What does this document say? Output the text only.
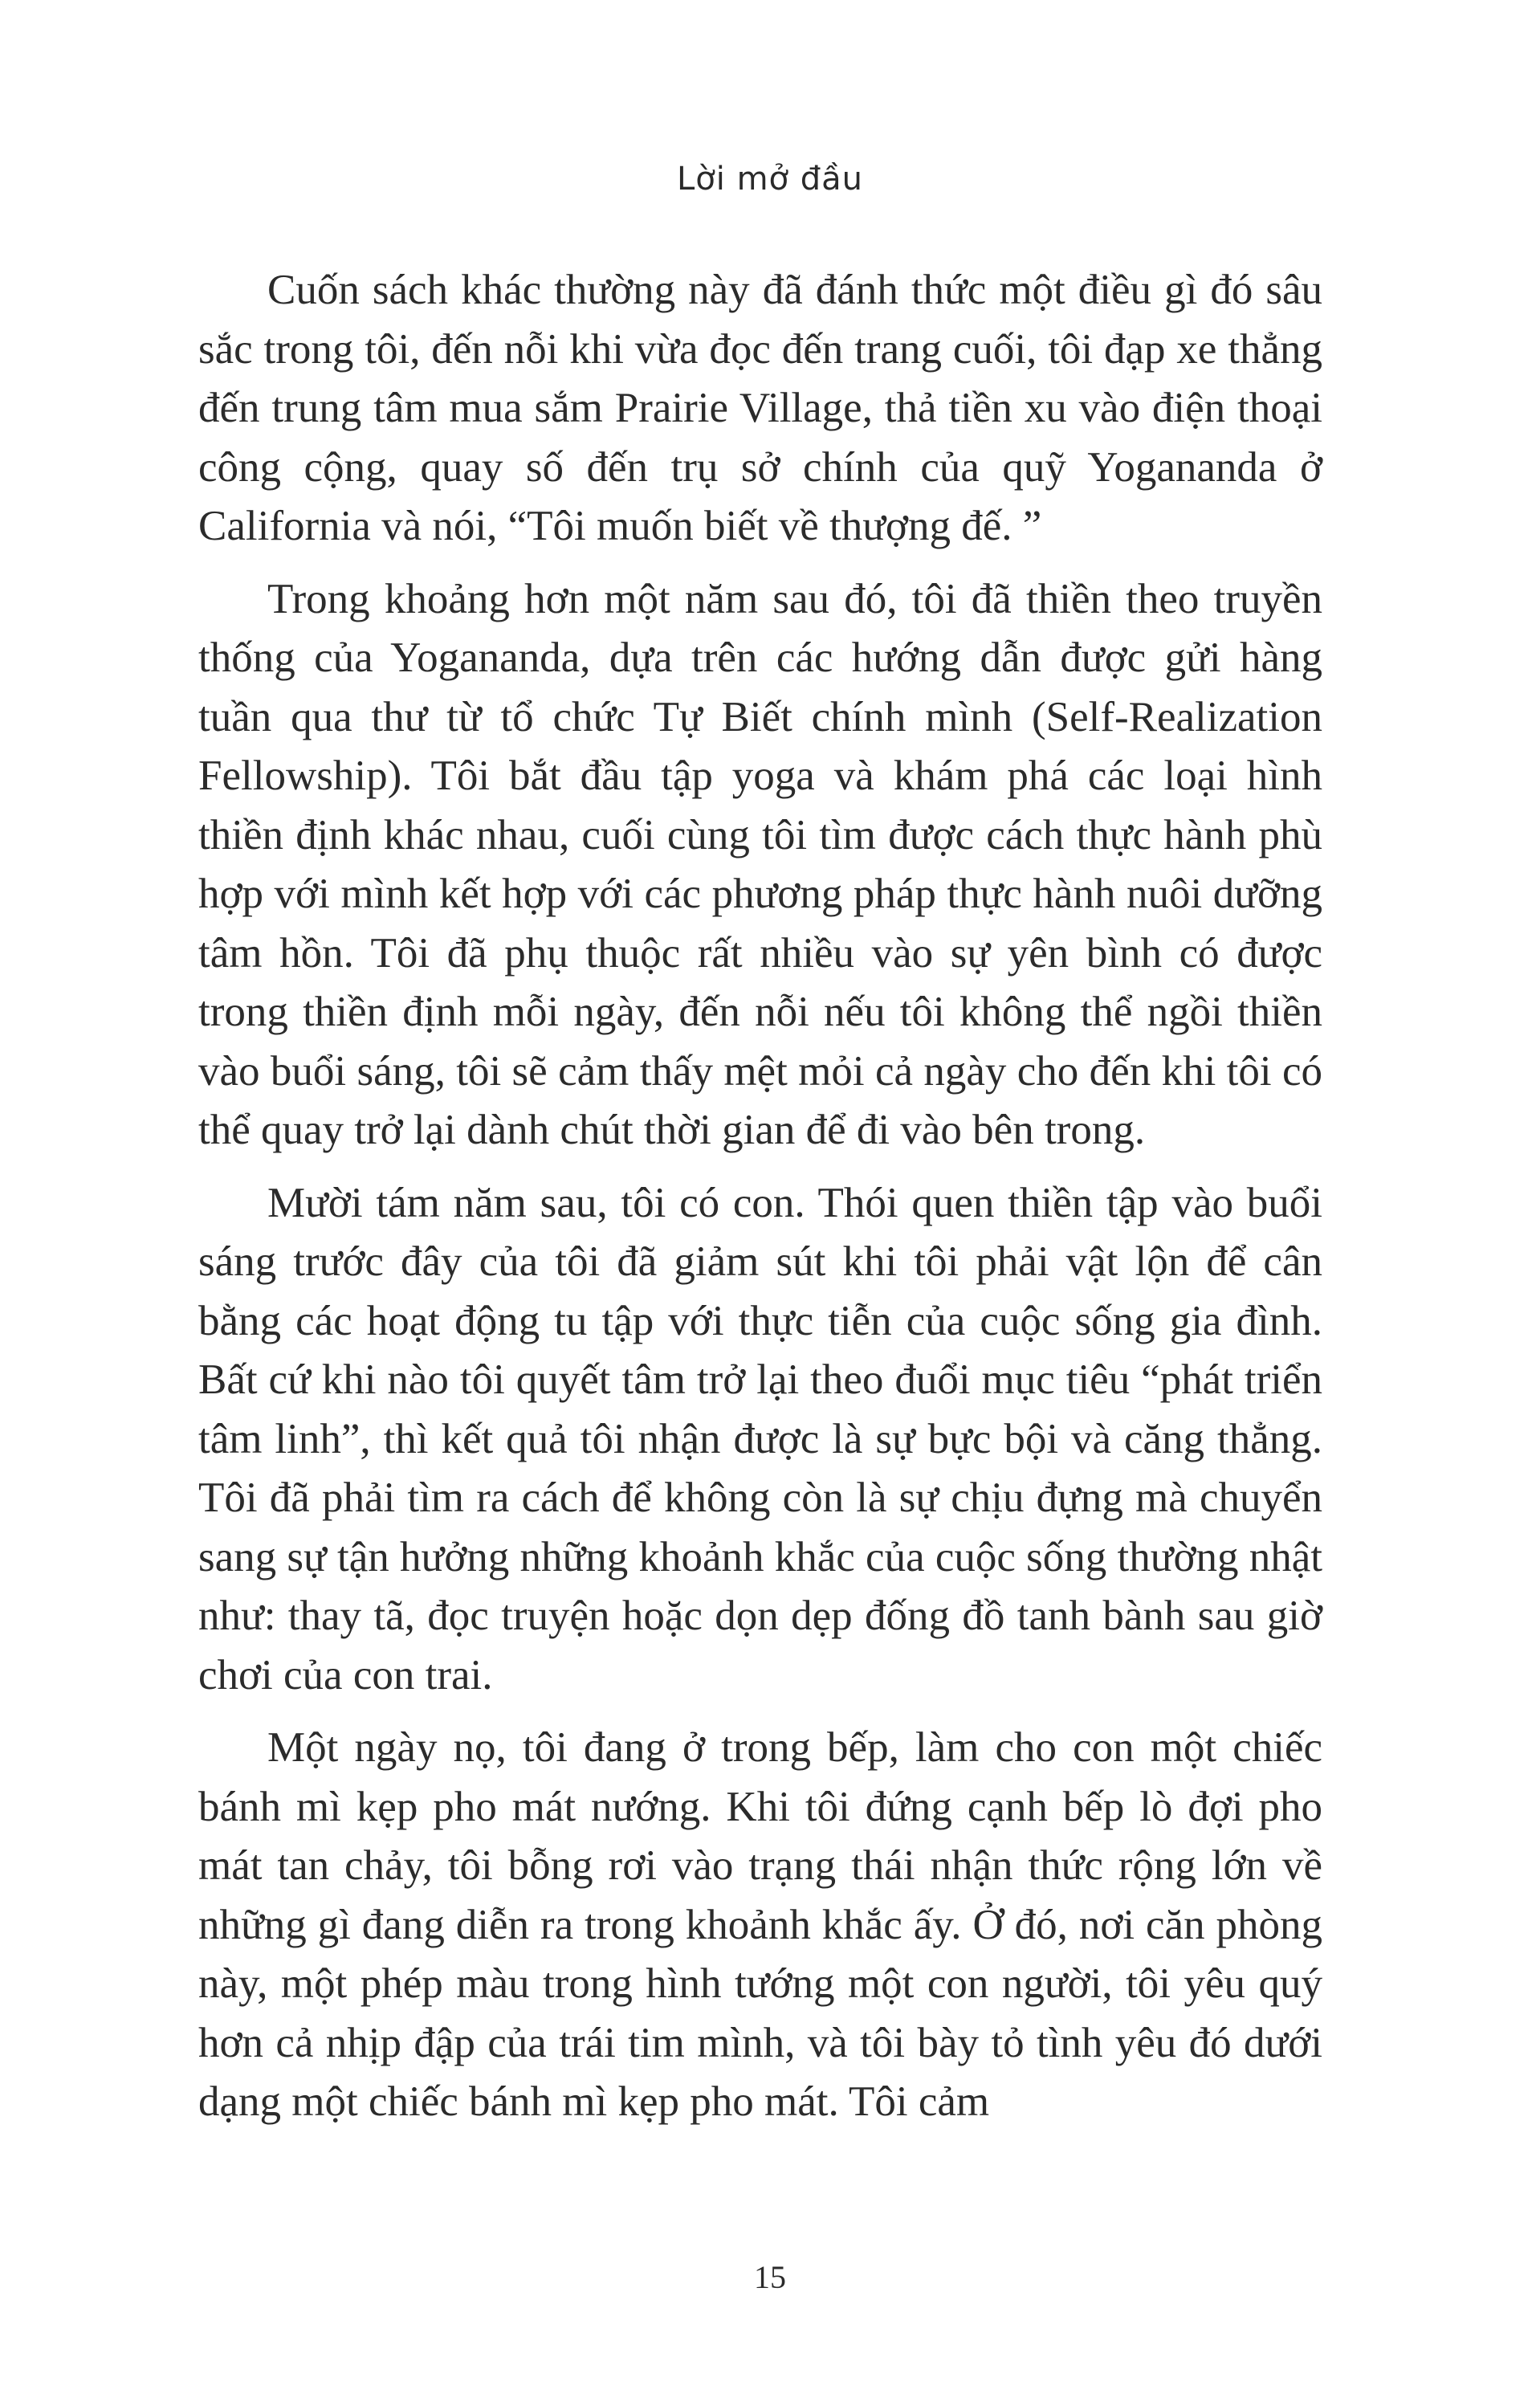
Lời mở đầu

Cuốn sách khác thường này đã đánh thức một điều gì đó sâu sắc trong tôi, đến nỗi khi vừa đọc đến trang cuối, tôi đạp xe thẳng đến trung tâm mua sắm Prairie Village, thả tiền xu vào điện thoại công cộng, quay số đến trụ sở chính của quỹ Yogananda ở California và nói, “Tôi muốn biết về thượng đế. ”

Trong khoảng hơn một năm sau đó, tôi đã thiền theo truyền thống của Yogananda, dựa trên các hướng dẫn được gửi hàng tuần qua thư từ tổ chức Tự Biết chính mình (Self-Realization Fellowship). Tôi bắt đầu tập yoga và khám phá các loại hình thiền định khác nhau, cuối cùng tôi tìm được cách thực hành phù hợp với mình kết hợp với các phương pháp thực hành nuôi dưỡng tâm hồn. Tôi đã phụ thuộc rất nhiều vào sự yên bình có được trong thiền định mỗi ngày, đến nỗi nếu tôi không thể ngồi thiền vào buổi sáng, tôi sẽ cảm thấy mệt mỏi cả ngày cho đến khi tôi có thể quay trở lại dành chút thời gian để đi vào bên trong.

Mười tám năm sau, tôi có con. Thói quen thiền tập vào buổi sáng trước đây của tôi đã giảm sút khi tôi phải vật lộn để cân bằng các hoạt động tu tập với thực tiễn của cuộc sống gia đình. Bất cứ khi nào tôi quyết tâm trở lại theo đuổi mục tiêu “phát triển tâm linh”, thì kết quả tôi nhận được là sự bực bội và căng thẳng. Tôi đã phải tìm ra cách để không còn là sự chịu đựng mà chuyển sang sự tận hưởng những khoảnh khắc của cuộc sống thường nhật như: thay tã, đọc truyện hoặc dọn dẹp đống đồ tanh bành sau giờ chơi của con trai.

Một ngày nọ, tôi đang ở trong bếp, làm cho con một chiếc bánh mì kẹp pho mát nướng. Khi tôi đứng cạnh bếp lò đợi pho mát tan chảy, tôi bỗng rơi vào trạng thái nhận thức rộng lớn về những gì đang diễn ra trong khoảnh khắc ấy. Ở đó, nơi căn phòng này, một phép màu trong hình tướng một con người, tôi yêu quý hơn cả nhịp đập của trái tim mình, và tôi bày tỏ tình yêu đó dưới dạng một chiếc bánh mì kẹp pho mát. Tôi cảm

15
